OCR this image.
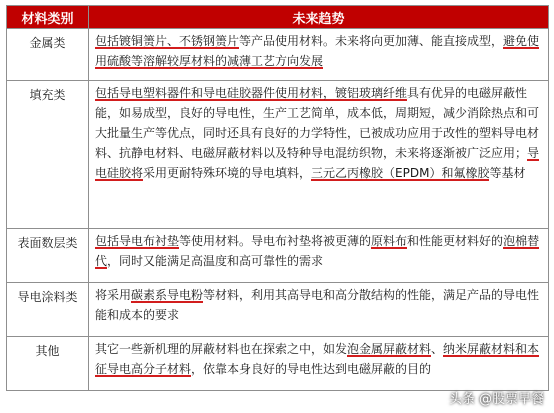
材料类别	未来趋势
金属类	包括镀铜箦片、不锈钢箦片等产品使用材料。未来将向更加薄、能直接成型，避免使用硫酸等溶解较厚材料的减薄工艺方向发展
填充类	包括导电塑料器件和导电硅胶器件使用材料，镀铝玻璃纤维具有优异的电磁屏蔽性能，如易成型，良好的导电性，生产工艺简单，成本低，周期短，减少消除热点和可大批量生产等优点，同时还具有良好的力学特性，已被成功应用于改性的塑料导电材料、抗静电材料、电磁屏蔽材料以及特种导电混纺织物，未来将逐渐被广泛应用；导电硅胶将采用更耐特殊环境的导电填料，三元乙丙橡胶（EPDM）和氟橡胶等基材
表面数层类	包括导电布衬垫等使用材料。导电布衬垫将被更薄的原料布和性能更材料好的泡棉替代，同时又能满足高温度和高可靠性的需求
导电涂料类	将采用碳素系导电粉等材料，利用其高导电和高分散结构的性能，满足产品的导电性能和成本的要求
其他	其它一些新机理的屏蔽材料也在探索之中，如发泡金属屏蔽材料、纳米屏蔽材料和本征导电高分子材料，依靠本身良好的导电性达到电磁屏蔽的目的
头条 @股票早餐
